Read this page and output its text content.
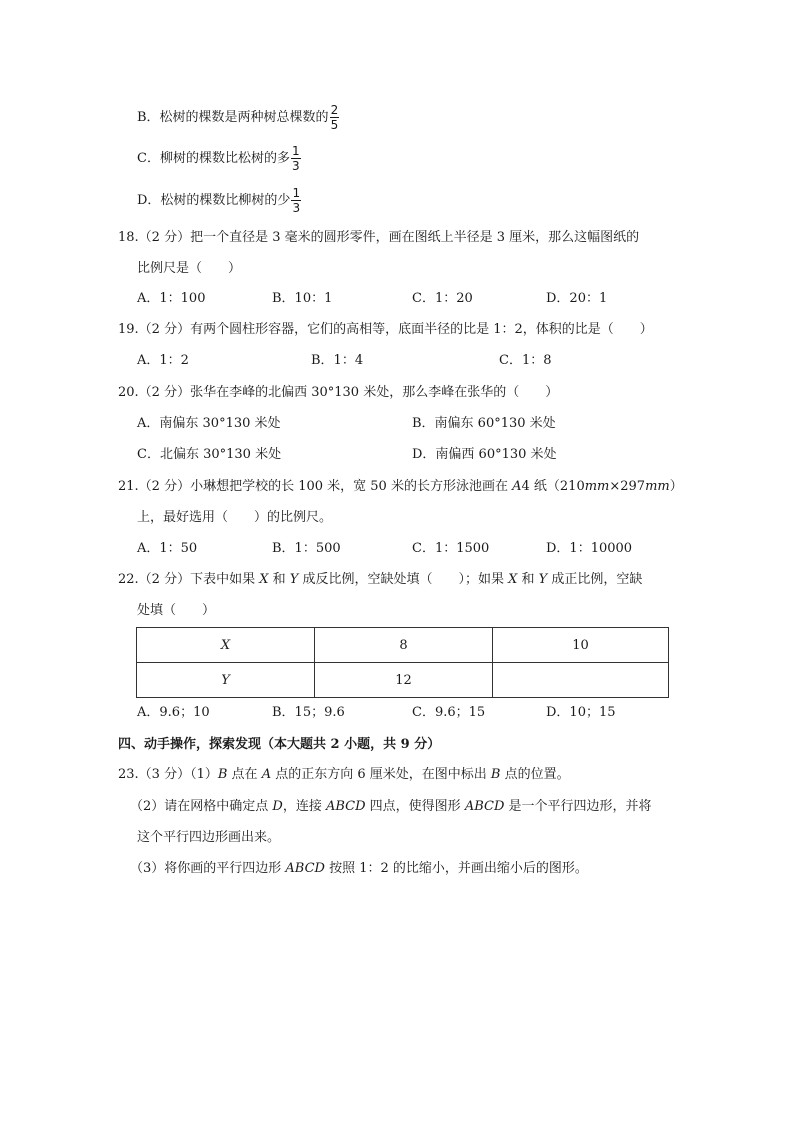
B．松树的棵数是两种树总棵数的 $\frac{2}{5}$
C．柳树的棵数比松树的多 $\frac{1}{3}$
D．松树的棵数比柳树的少 $\frac{1}{3}$
18.（2 分）把一个直径是 3 毫米的圆形零件，画在图纸上半径是 3 厘米，那么这幅图纸的
比例尺是（　　）
A．1：100	B．10：1	C．1：20	D．20：1
19.（2 分）有两个圆柱形容器，它们的高相等，底面半径的比是 1：2，体积的比是（　　）
A．1：2	B．1：4	C．1：8
20.（2 分）张华在李峰的北偏西 30°130 米处，那么李峰在张华的（　　）
A．南偏东 30°130 米处	B．南偏东 60°130 米处
C．北偏东 30°130 米处	D．南偏西 60°130 米处
21.（2 分）小琳想把学校的长 100 米，宽 50 米的长方形泳池画在 A4 纸（210mm×297mm）
上，最好选用（　　）的比例尺。
A．1：50	B．1：500	C．1：1500	D．1：10000
22.（2 分）下表中如果 X 和 Y 成反比例，空缺处填（　　）；如果 X 和 Y 成正比例，空缺
处填（　　）
X	8	10
Y	12	
A．9.6；10	B．15；9.6	C．9.6；15	D．10；15
四、动手操作，探索发现（本大题共 2 小题，共 9 分）
23.（3 分）（1）B 点在 A 点的正东方向 6 厘米处，在图中标出 B 点的位置。
（2）请在网格中确定点 D，连接 ABCD 四点，使得图形 ABCD 是一个平行四边形，并将
这个平行四边形画出来。
（3）将你画的平行四边形 ABCD 按照 1：2 的比缩小，并画出缩小后的图形。
